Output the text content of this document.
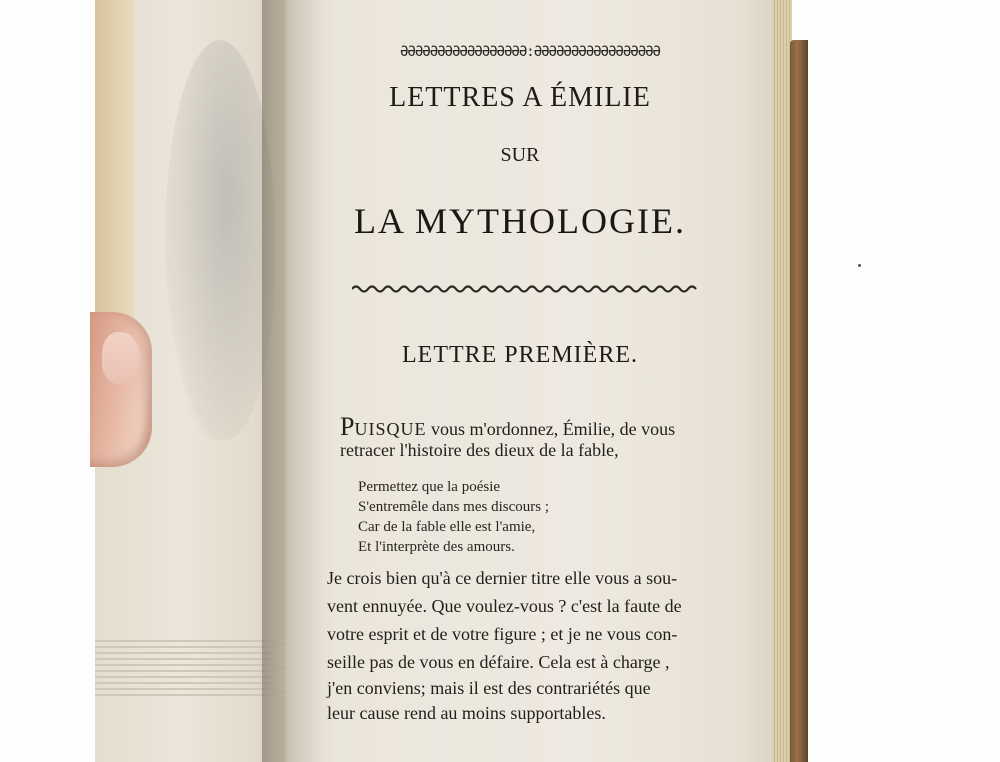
ƏƏƏƏƏƏƏƏƏƏƏƏƏƏƏƏƏ:ƏƏƏƏƏƏƏƏƏƏƏƏƏƏƏƏƏ
LETTRES A ÉMILIE
SUR
LA MYTHOLOGIE.
LETTRE PREMIÈRE.
PUISQUE vous m'ordonnez, Émilie, de vous
retracer l'histoire des dieux de la fable,
Permettez que la poésie
S'entremêle dans mes discours ;
Car de la fable elle est l'amie,
Et l'interprète des amours.
Je crois bien qu'à ce dernier titre elle vous a sou-
vent ennuyée. Que voulez-vous ? c'est la faute de
votre esprit et de votre figure ; et je ne vous con-
seille pas de vous en défaire. Cela est à charge ,
j'en conviens; mais il est des contrariétés que
leur cause rend au moins supportables.
